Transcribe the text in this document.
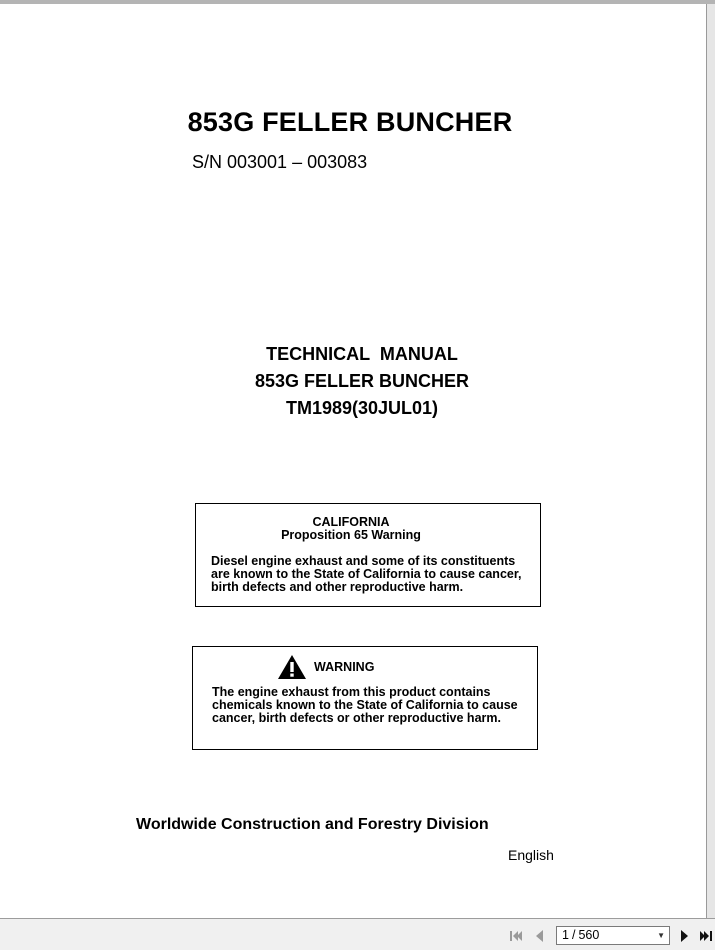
853G FELLER BUNCHER
S/N 003001 – 003083
TECHNICAL  MANUAL
853G FELLER BUNCHER
TM1989(30JUL01)
CALIFORNIA
Proposition 65 Warning
Diesel engine exhaust and some of its constituents
are known to the State of California to cause cancer,
birth defects and other reproductive harm.
WARNING
The engine exhaust from this product contains
chemicals known to the State of California to cause
cancer, birth defects or other reproductive harm.
Worldwide Construction and Forestry Division
English
1 / 560	▼
